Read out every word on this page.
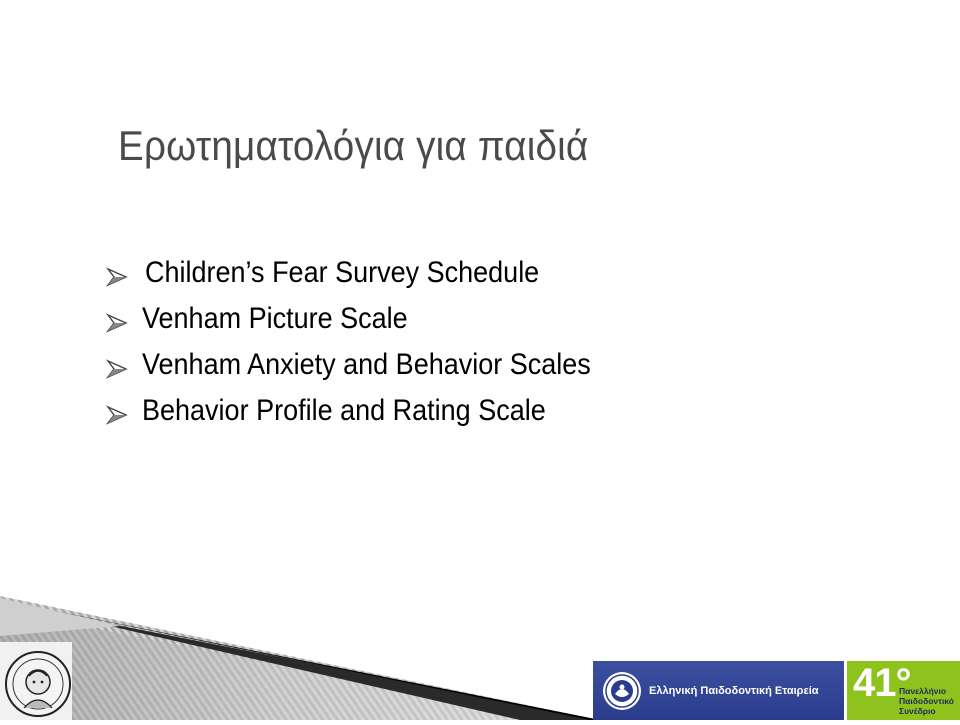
Ερωτηματολόγια για παιδιά
Children’s Fear Survey Schedule
Venham Picture Scale
Venham Anxiety and Behavior Scales
Behavior Profile and Rating Scale
Ελληνική Παιδοδοντική Εταιρεία 41°
Πανελλήνιο
Παιδοδοντικό
Συνέδριο
